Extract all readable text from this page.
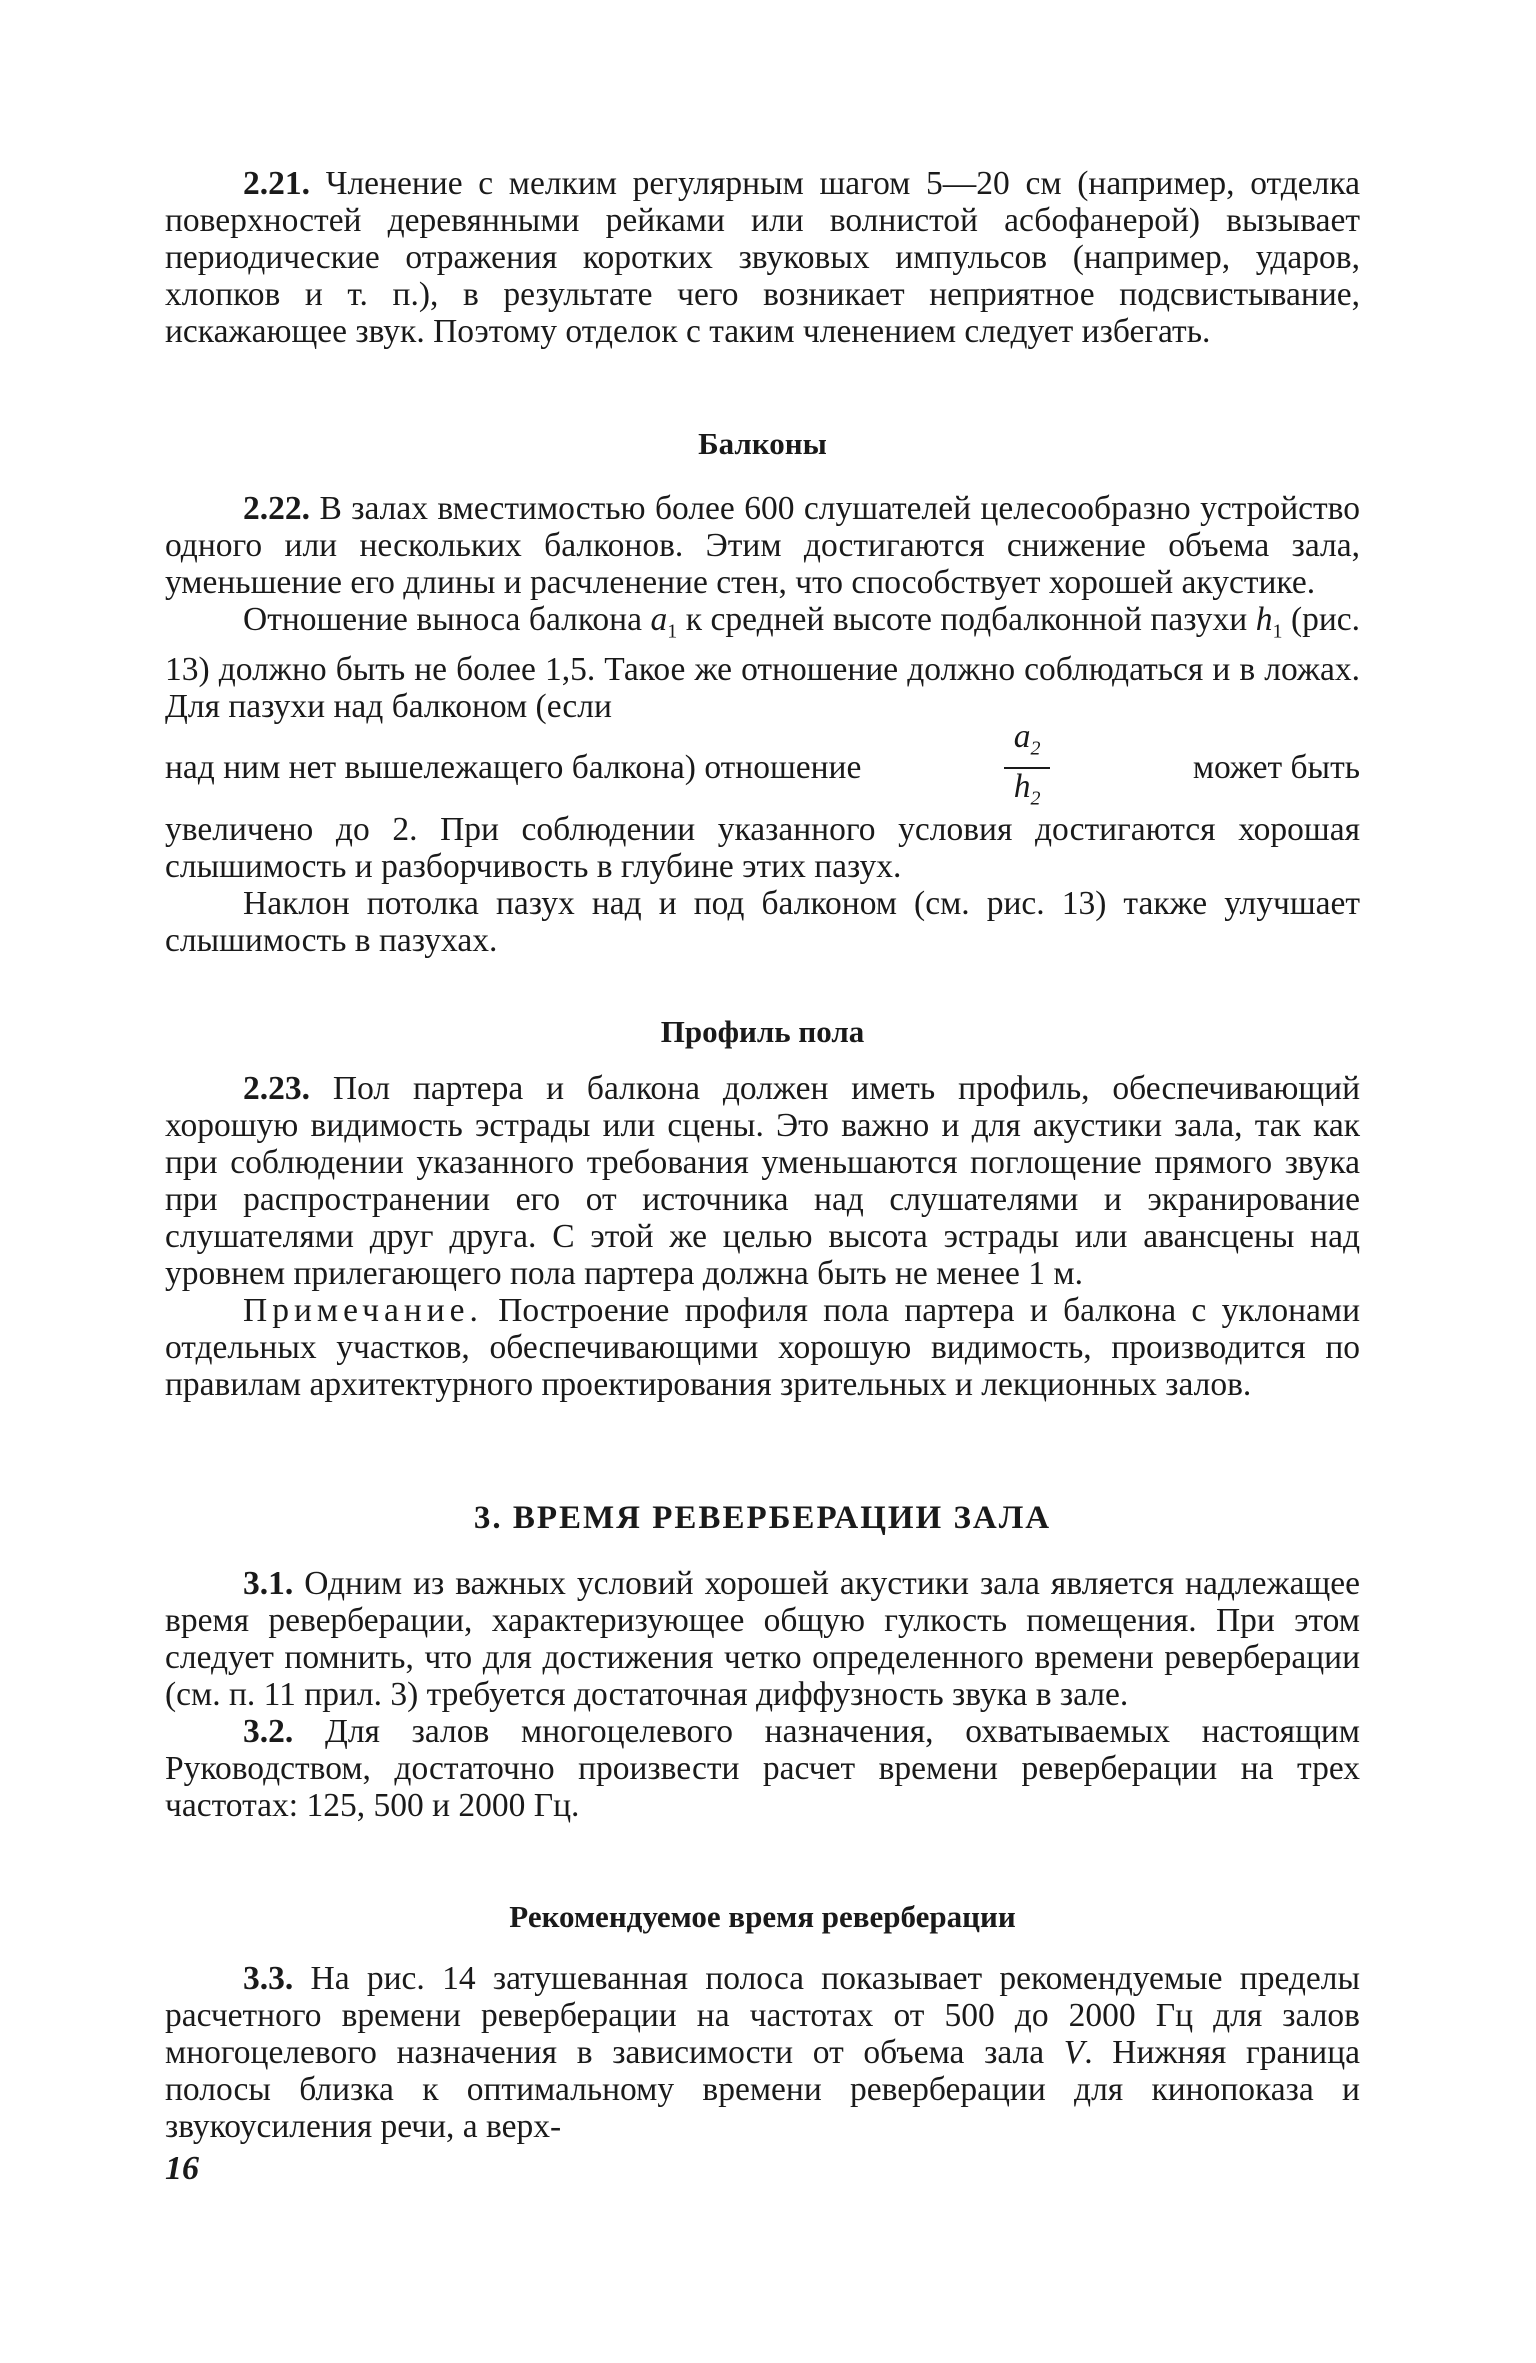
2.21. Членение с мелким регулярным шагом 5—20 см (например, отделка поверхностей деревянными рейками или волнистой асбофанерой) вызывает периодические отражения коротких звуковых импульсов (например, ударов, хлопков и т. п.), в результате чего возникает неприятное подсвистывание, искажающее звук. Поэтому отделок с таким членением следует избегать.

Балконы

2.22. В залах вместимостью более 600 слушателей целесообразно устройство одного или нескольких балконов. Этим достигаются снижение объема зала, уменьшение его длины и расчленение стен, что способствует хорошей акустике.

Отношение выноса балкона $a_1$ к средней высоте подбалконной пазухи $h_1$ (рис. 13) должно быть не более 1,5. Такое же отношение должно соблюдаться и в ложах. Для пазухи над балконом (если

над ним нет вышележащего балкона) отношение	$\frac{a_2}{h_2}$	может быть

увеличено до 2. При соблюдении указанного условия достигаются хорошая слышимость и разборчивость в глубине этих пазух.

Наклон потолка пазух над и под балконом (см. рис. 13) также улучшает слышимость в пазухах.

Профиль пола

2.23. Пол партера и балкона должен иметь профиль, обеспечивающий хорошую видимость эстрады или сцены. Это важно и для акустики зала, так как при соблюдении указанного требования уменьшаются поглощение прямого звука при распространении его от источника над слушателями и экранирование слушателями друг друга. С этой же целью высота эстрады или авансцены над уровнем прилегающего пола партера должна быть не менее 1 м.

Примечание. Построение профиля пола партера и балкона с уклонами отдельных участков, обеспечивающими хорошую видимость, производится по правилам архитектурного проектирования зрительных и лекционных залов.

3. ВРЕМЯ РЕВЕРБЕРАЦИИ ЗАЛА

3.1. Одним из важных условий хорошей акустики зала является надлежащее время реверберации, характеризующее общую гулкость помещения. При этом следует помнить, что для достижения четко определенного времени реверберации (см. п. 11 прил. 3) требуется достаточная диффузность звука в зале.

3.2. Для залов многоцелевого назначения, охватываемых настоящим Руководством, достаточно произвести расчет времени реверберации на трех частотах: 125, 500 и 2000 Гц.

Рекомендуемое время реверберации

3.3. На рис. 14 затушеванная полоса показывает рекомендуемые пределы расчетного времени реверберации на частотах от 500 до 2000 Гц для залов многоцелевого назначения в зависимости от объема зала V. Нижняя граница полосы близка к оптимальному времени реверберации для кинопоказа и звукоусиления речи, а верх-

16
